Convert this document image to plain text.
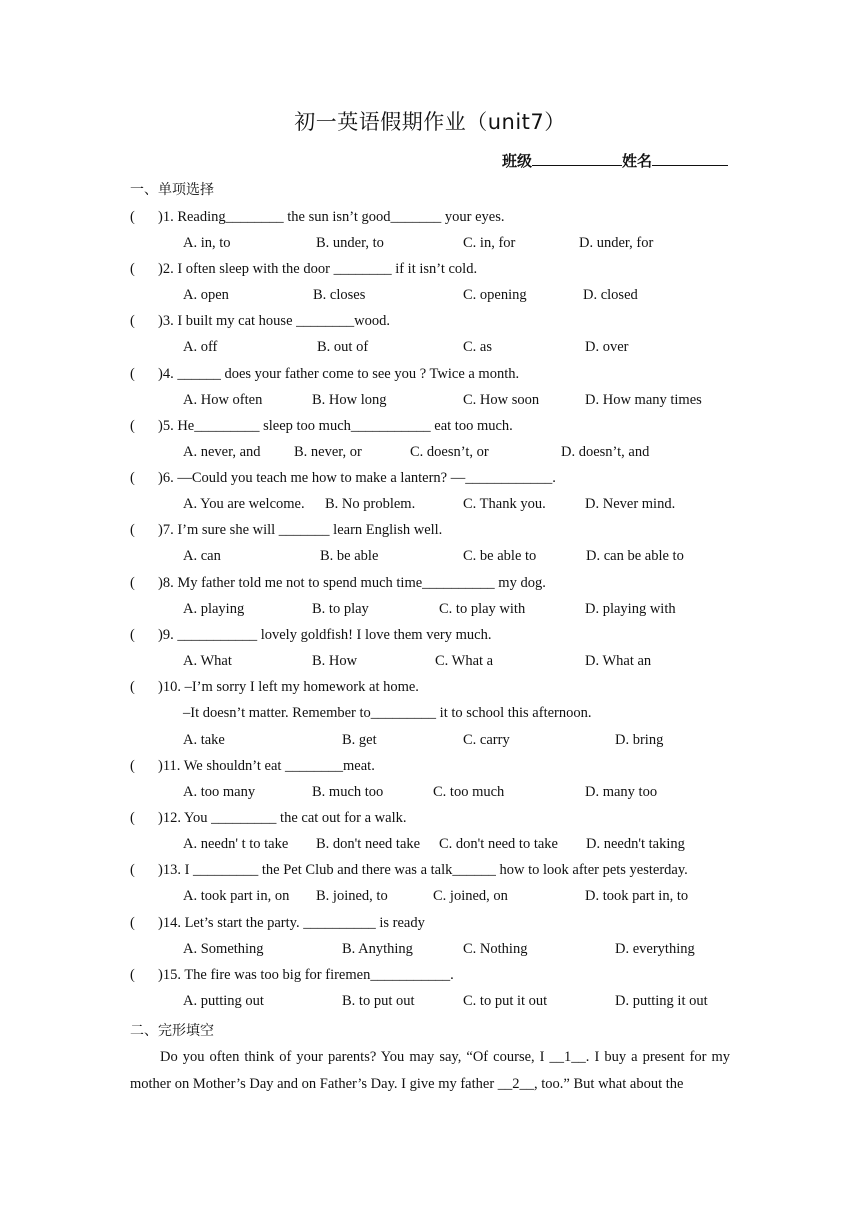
初一英语假期作业（unit7）
班级	姓名
一、单项选择
( )1. Reading________ the sun isn’t good_______ your eyes.
A. in, to	B. under, to	C. in, for	D. under, for
( )2. I often sleep with the door ________ if it isn’t cold.
A. open	B. closes	C. opening	D. closed
( )3. I built my cat house ________wood.
A. off	B. out of	C. as	D. over
( )4. ______ does your father come to see you ? Twice a month.
A. How often	B. How long	C. How soon	D. How many times
( )5. He_________ sleep too much___________ eat too much.
A. never, and B. never, or	C. doesn’t, or	D. doesn’t, and
( )6. —Could you teach me how to make a lantern? —____________.
A. You are welcome. B. No problem.	C. Thank you.	D. Never mind.
( )7. I’m sure she will _______ learn English well.
A. can	B. be able	C. be able to	D. can be able to
( )8. My father told me not to spend much time__________ my dog.
A. playing	B. to play	C. to play with	D. playing with
( )9. ___________ lovely goldfish! I love them very much.
A. What	B. How	C. What a	D. What an
( )10. –I’m sorry I left my homework at home.
–It doesn’t matter. Remember to_________ it to school this afternoon.
A. take	B. get	C. carry	D. bring
( )11. We shouldn’t eat ________meat.
A. too many	B. much too	C. too much	D. many too
( )12. You _________ the cat out for a walk.
A. needn' t to take B. don't need take C. don't need to take D. needn't taking
( )13. I _________ the Pet Club and there was a talk______ how to look after pets yesterday.
A. took part in, on B. joined, to	C. joined, on	D. took part in, to
( )14. Let’s start the party. __________ is ready
A. Something	B. Anything	C. Nothing	D. everything
( )15. The fire was too big for firemen___________.
A. putting out	B. to put out	C. to put it out	D. putting it out
二、完形填空
Do you often think of your parents? You may say, “Of course, I __1__. I buy a present for my mother on Mother’s Day and on Father’s Day. I give my father __2__, too.” But what about the
